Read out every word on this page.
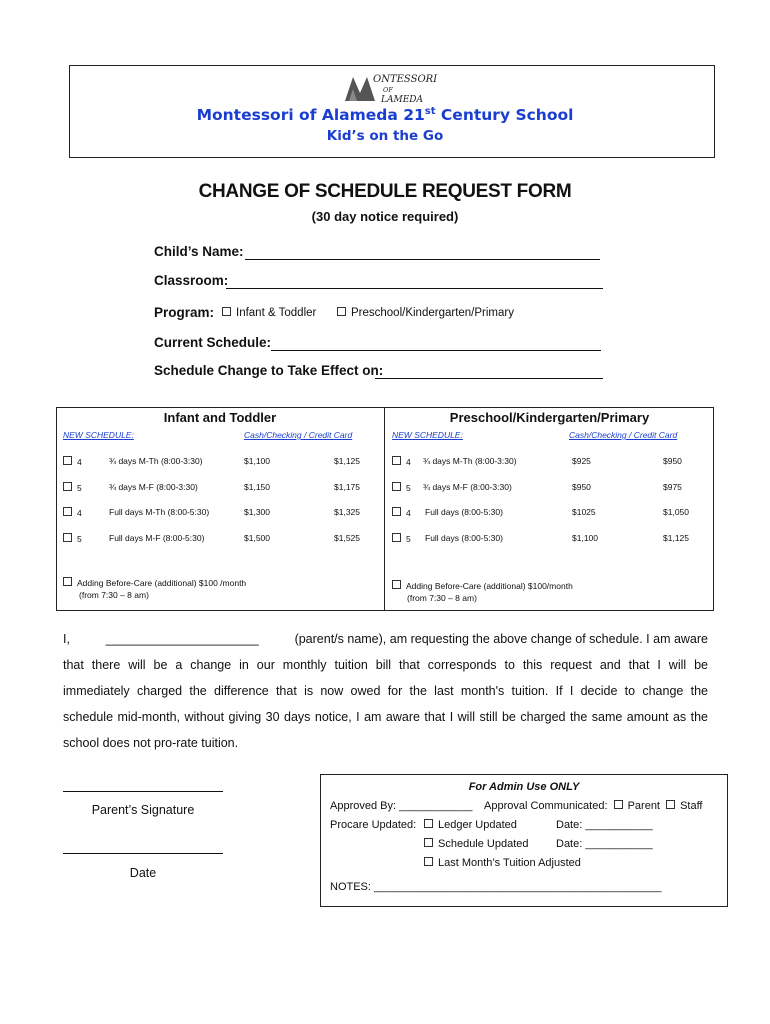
ONTESSORI
OF
LAMEDA
Montessori of Alameda 21st Century School
Kid’s on the Go
CHANGE OF SCHEDULE REQUEST FORM
(30 day notice required)
Child’s Name:
Classroom:
Program:	Infant & Toddler	Preschool/Kindergarten/Primary
Current Schedule:
Schedule Change to Take Effect on:
Infant and Toddler	Preschool/Kindergarten/Primary
NEW SCHEDULE:	Cash/Checking / Credit Card	NEW SCHEDULE:	Cash/Checking / Credit Card
4	¾ days M-Th (8:00-3:30)	$1,100	$1,125
5	¾ days M-F (8:00-3:30)	$1,150	$1,175
4	Full days M-Th (8:00-5:30)	$1,300	$1,325
5	Full days M-F (8:00-5:30)	$1,500	$1,525
4 ¾ days M-Th (8:00-3:30)	$925	$950
5 ¾ days M-F (8:00-3:30)	$950	$975
4 Full days (8:00-5:30)	$1025	$1,050
5 Full days (8:00-5:30)	$1,100	$1,125
Adding Before-Care (additional) $100 /month
(from 7:30 – 8 am)
Adding Before-Care (additional) $100/month
(from 7:30 – 8 am)
I,	______________________	(parent/s name), am requesting the above change of schedule. I am aware
that there will be a change in our monthly tuition bill that corresponds to this request and that I will be
immediately charged the difference that is now owed for the last month's tuition. If I decide to change the
schedule mid-month, without giving 30 days notice, I am aware that I will still be charged the same amount as the
school does not pro-rate tuition.
Parent’s Signature
Date
For Admin Use ONLY
Approved By: ____________ Approval Communicated: Parent Staff
Procare Updated:	Ledger Updated	Date: ___________
Schedule Updated Date: ___________
Last Month’s Tuition Adjusted
NOTES: _______________________________________________
